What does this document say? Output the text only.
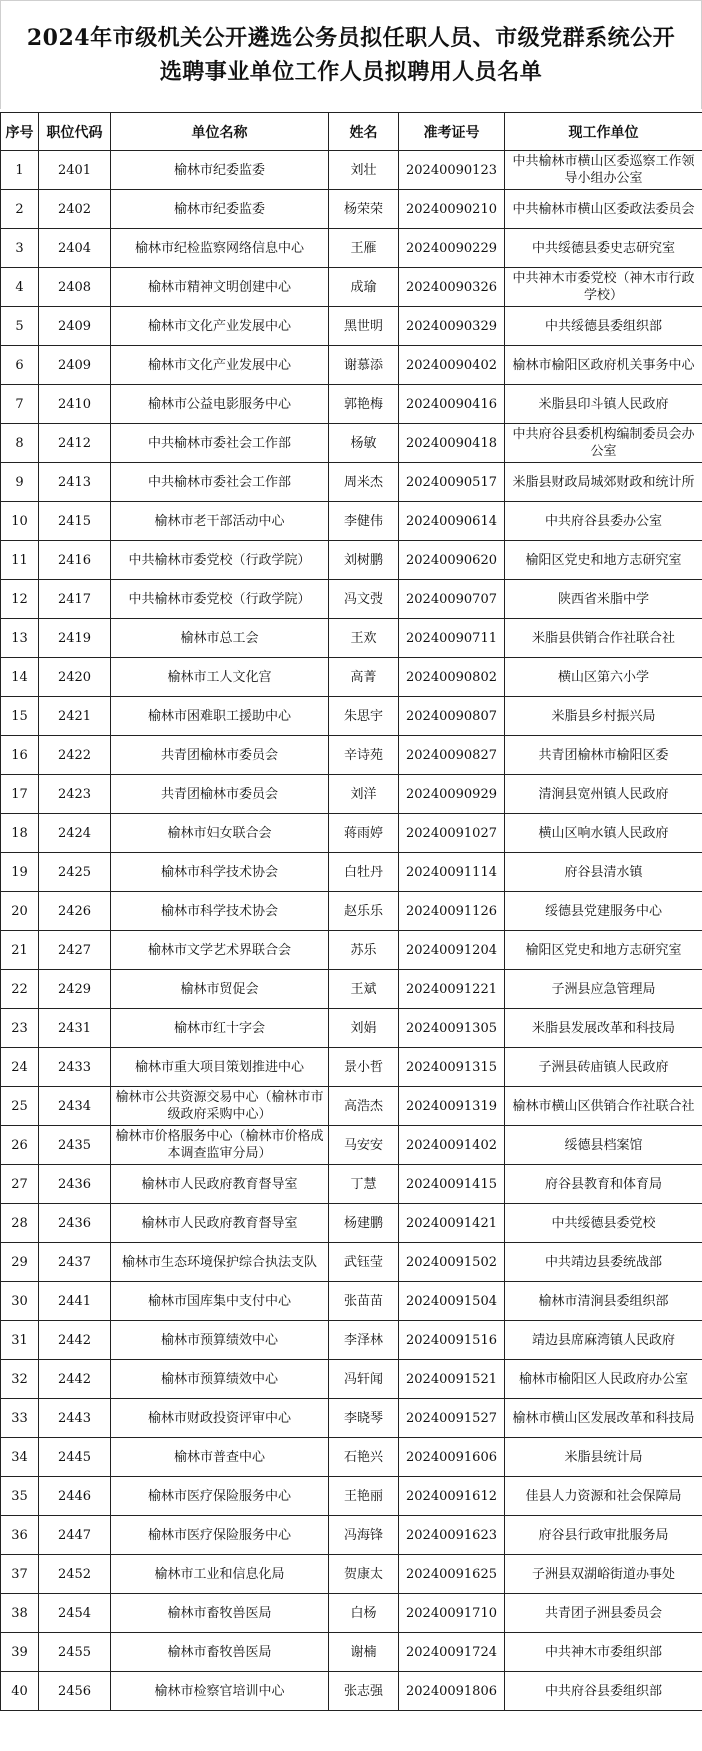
2024年市级机关公开遴选公务员拟任职人员、市级党群系统公开
选聘事业单位工作人员拟聘用人员名单
序号	职位代码	单位名称	姓名	准考证号	现工作单位
1	2401	榆林市纪委监委	刘壮	20240090123	中共榆林市横山区委巡察工作领导小组办公室
2	2402	榆林市纪委监委	杨荣荣	20240090210	中共榆林市横山区委政法委员会
3	2404	榆林市纪检监察网络信息中心	王雁	20240090229	中共绥德县委史志研究室
4	2408	榆林市精神文明创建中心	成瑜	20240090326	中共神木市委党校（神木市行政学校）
5	2409	榆林市文化产业发展中心	黑世明	20240090329	中共绥德县委组织部
6	2409	榆林市文化产业发展中心	谢慕添	20240090402	榆林市榆阳区政府机关事务中心
7	2410	榆林市公益电影服务中心	郭艳梅	20240090416	米脂县印斗镇人民政府
8	2412	中共榆林市委社会工作部	杨敏	20240090418	中共府谷县委机构编制委员会办公室
9	2413	中共榆林市委社会工作部	周米杰	20240090517	米脂县财政局城郊财政和统计所
10	2415	榆林市老干部活动中心	李健伟	20240090614	中共府谷县委办公室
11	2416	中共榆林市委党校（行政学院）	刘树鹏	20240090620	榆阳区党史和地方志研究室
12	2417	中共榆林市委党校（行政学院）	冯文弢	20240090707	陕西省米脂中学
13	2419	榆林市总工会	王欢	20240090711	米脂县供销合作社联合社
14	2420	榆林市工人文化宫	高菁	20240090802	横山区第六小学
15	2421	榆林市困难职工援助中心	朱思宇	20240090807	米脂县乡村振兴局
16	2422	共青团榆林市委员会	辛诗苑	20240090827	共青团榆林市榆阳区委
17	2423	共青团榆林市委员会	刘洋	20240090929	清涧县宽州镇人民政府
18	2424	榆林市妇女联合会	蒋雨婷	20240091027	横山区响水镇人民政府
19	2425	榆林市科学技术协会	白牡丹	20240091114	府谷县清水镇
20	2426	榆林市科学技术协会	赵乐乐	20240091126	绥德县党建服务中心
21	2427	榆林市文学艺术界联合会	苏乐	20240091204	榆阳区党史和地方志研究室
22	2429	榆林市贸促会	王斌	20240091221	子洲县应急管理局
23	2431	榆林市红十字会	刘娟	20240091305	米脂县发展改革和科技局
24	2433	榆林市重大项目策划推进中心	景小哲	20240091315	子洲县砖庙镇人民政府
25	2434	榆林市公共资源交易中心（榆林市市级政府采购中心）	高浩杰	20240091319	榆林市横山区供销合作社联合社
26	2435	榆林市价格服务中心（榆林市价格成本调查监审分局）	马安安	20240091402	绥德县档案馆
27	2436	榆林市人民政府教育督导室	丁慧	20240091415	府谷县教育和体育局
28	2436	榆林市人民政府教育督导室	杨建鹏	20240091421	中共绥德县委党校
29	2437	榆林市生态环境保护综合执法支队	武钰莹	20240091502	中共靖边县委统战部
30	2441	榆林市国库集中支付中心	张苗苗	20240091504	榆林市清涧县委组织部
31	2442	榆林市预算绩效中心	李泽林	20240091516	靖边县席麻湾镇人民政府
32	2442	榆林市预算绩效中心	冯轩闻	20240091521	榆林市榆阳区人民政府办公室
33	2443	榆林市财政投资评审中心	李晓琴	20240091527	榆林市横山区发展改革和科技局
34	2445	榆林市普查中心	石艳兴	20240091606	米脂县统计局
35	2446	榆林市医疗保险服务中心	王艳丽	20240091612	佳县人力资源和社会保障局
36	2447	榆林市医疗保险服务中心	冯海锋	20240091623	府谷县行政审批服务局
37	2452	榆林市工业和信息化局	贺康太	20240091625	子洲县双湖峪街道办事处
38	2454	榆林市畜牧兽医局	白杨	20240091710	共青团子洲县委员会
39	2455	榆林市畜牧兽医局	谢楠	20240091724	中共神木市委组织部
40	2456	榆林市检察官培训中心	张志强	20240091806	中共府谷县委组织部
